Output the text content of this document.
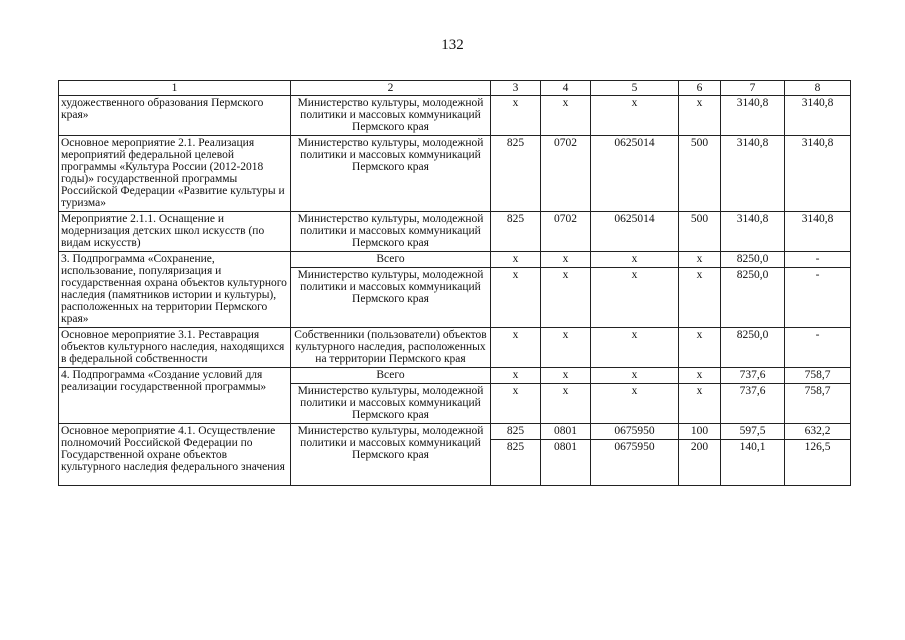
132
1	2	3	4	5	6	7	8
художественного образования Пермского края»	Министерство культуры, молодежной политики и массовых коммуникаций Пермского края	х	х	х	х	3140,8	3140,8
Основное мероприятие 2.1. Реализация мероприятий федеральной целевой программы «Культура России (2012-2018 годы)» государственной программы Российской Федерации «Развитие культуры и туризма»	Министерство культуры, молодежной политики и массовых коммуникаций Пермского края	825	0702	0625014	500	3140,8	3140,8
Мероприятие 2.1.1. Оснащение и модернизация детских школ искусств (по видам искусств)	Министерство культуры, молодежной политики и массовых коммуникаций Пермского края	825	0702	0625014	500	3140,8	3140,8
3. Подпрограмма «Сохранение, использование, популяризация и государственная охрана объектов культурного наследия (памятников истории и культуры), расположенных на территории Пермского края»	Всего	х	х	х	х	8250,0	-
	Министерство культуры, молодежной политики и массовых коммуникаций Пермского края	х	х	х	х	8250,0	-
Основное мероприятие 3.1. Реставрация объектов культурного наследия, находящихся в федеральной собственности	Собственники (пользователи) объектов культурного наследия, расположенных на территории Пермского края	х	х	х	х	8250,0	-
4. Подпрограмма «Создание условий для реализации государственной программы»	Всего	х	х	х	х	737,6	758,7
	Министерство культуры, молодежной политики и массовых коммуникаций Пермского края	х	х	х	х	737,6	758,7
Основное мероприятие 4.1. Осуществление полномочий Российской Федерации по Государственной охране объектов культурного наследия федерального значения	Министерство культуры, молодежной политики и массовых коммуникаций Пермского края	825	0801	0675950	100	597,5	632,2
		825	0801	0675950	200	140,1	126,5
